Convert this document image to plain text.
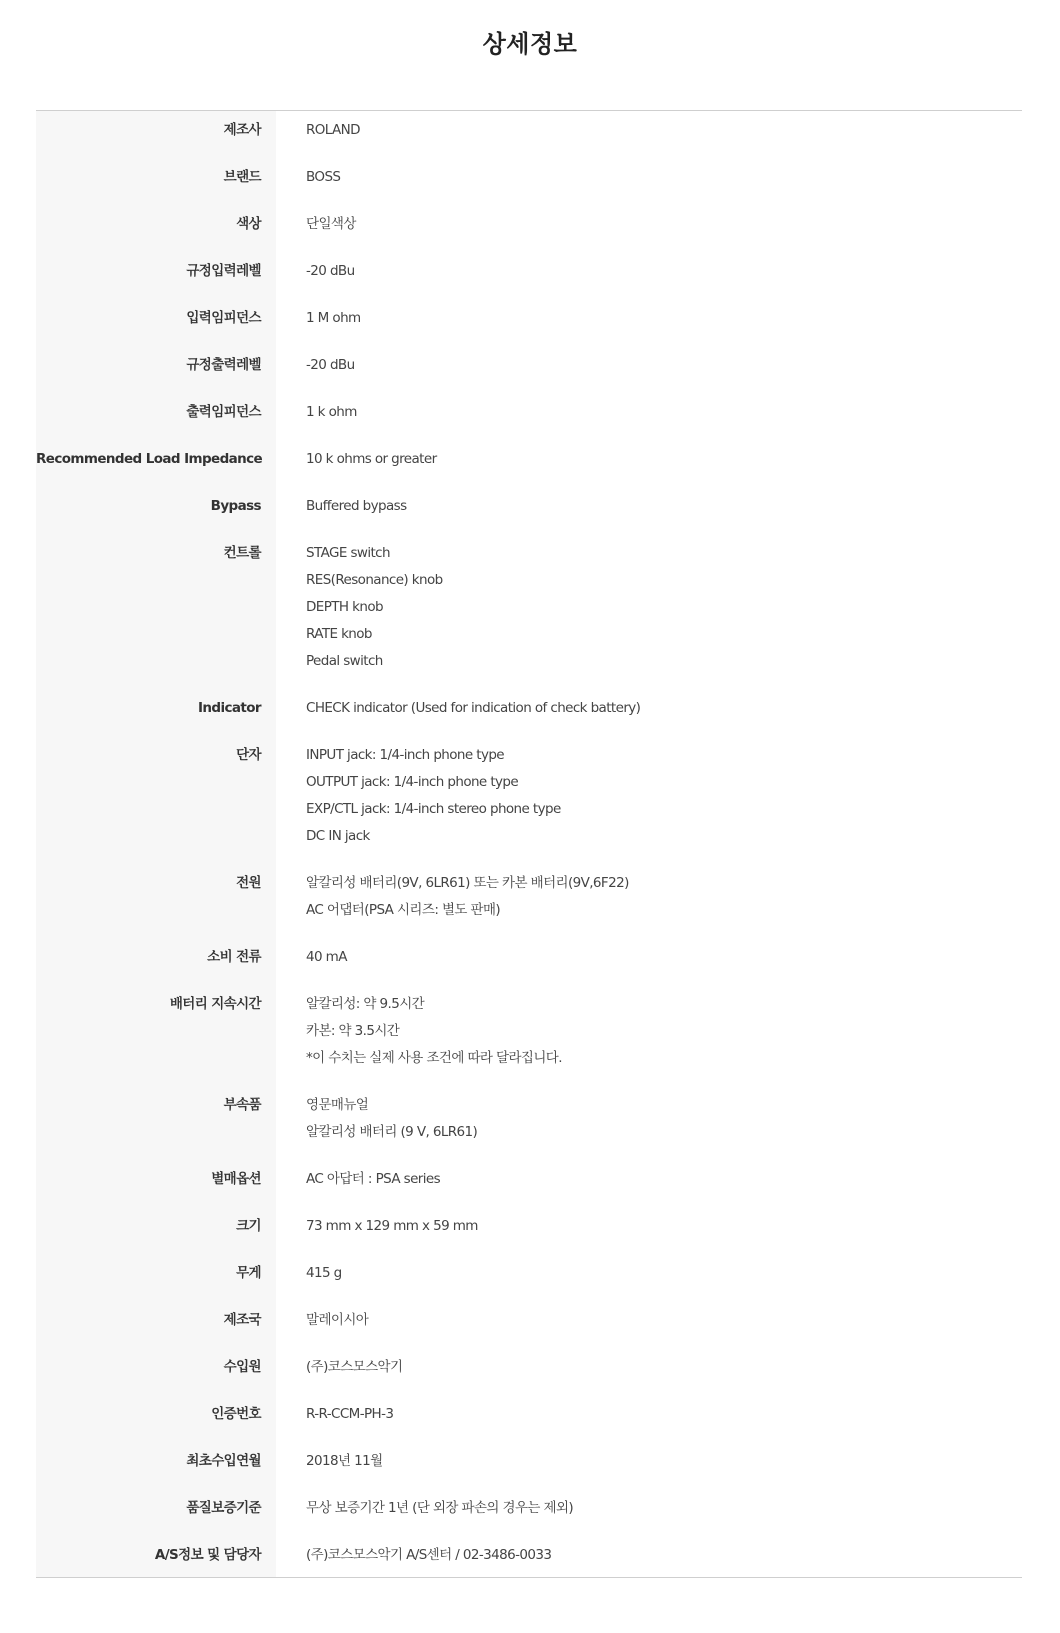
상세정보
제조사	ROLAND
브랜드	BOSS
색상	단일색상
규정입력레벨	-20 dBu
입력임피던스	1 M ohm
규정출력레벨	-20 dBu
출력임피던스	1 k ohm
Recommended Load Impedance	10 k ohms or greater
Bypass	Buffered bypass
컨트롤	STAGE switch
RES(Resonance) knob
DEPTH knob
RATE knob
Pedal switch
Indicator	CHECK indicator (Used for indication of check battery)
단자	INPUT jack: 1/4-inch phone type
OUTPUT jack: 1/4-inch phone type
EXP/CTL jack: 1/4-inch stereo phone type
DC IN jack
전원	알칼리성 배터리(9V, 6LR61) 또는 카본 배터리(9V,6F22)
AC 어댑터(PSA 시리즈: 별도 판매)
소비 전류	40 mA
배터리 지속시간	알칼리성: 약 9.5시간
카본: 약 3.5시간
*이 수치는 실제 사용 조건에 따라 달라집니다.
부속품	영문매뉴얼
알칼리성 배터리 (9 V, 6LR61)
별매옵션	AC 아답터 : PSA series
크기	73 mm x 129 mm x 59 mm
무게	415 g
제조국	말레이시아
수입원	(주)코스모스악기
인증번호	R-R-CCM-PH-3
최초수입연월	2018년 11월
품질보증기준	무상 보증기간 1년 (단 외장 파손의 경우는 제외)
A/S정보 및 담당자	(주)코스모스악기 A/S센터 / 02-3486-0033
